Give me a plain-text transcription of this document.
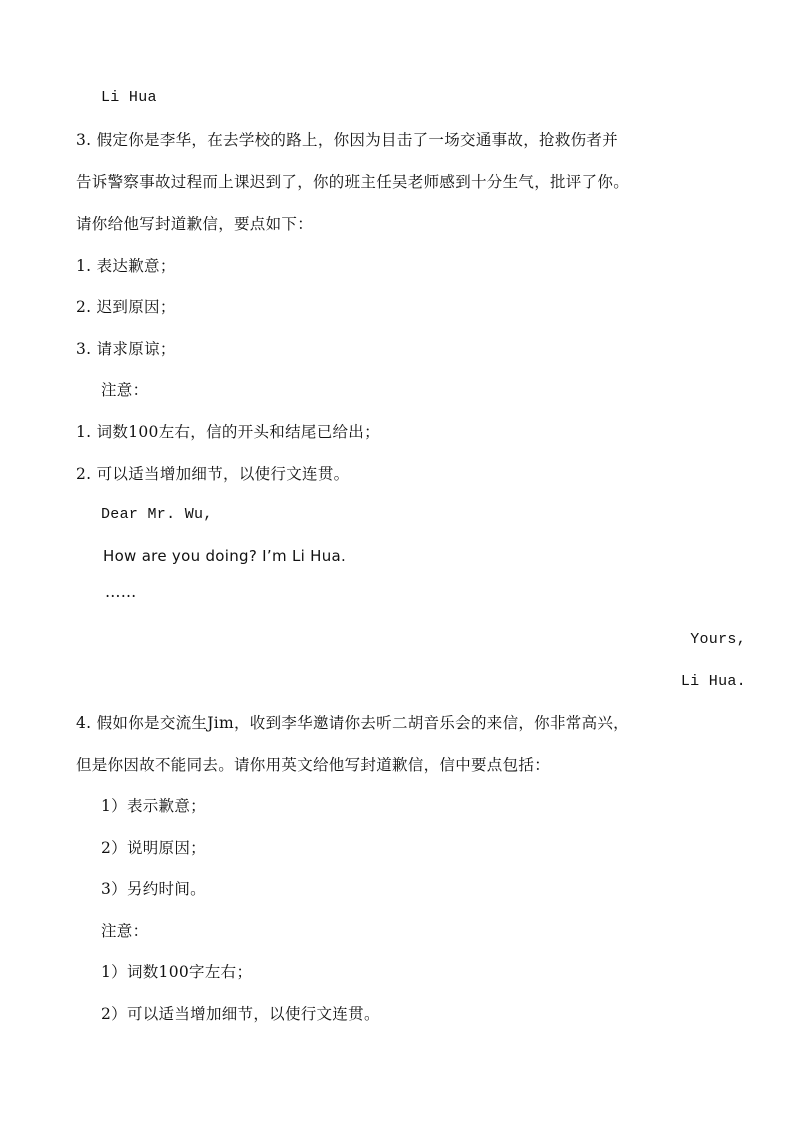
Li Hua
3. 假定你是李华，在去学校的路上，你因为目击了一场交通事故，抢救伤者并
告诉警察事故过程而上课迟到了，你的班主任吴老师感到十分生气，批评了你。
请你给他写封道歉信，要点如下：
1. 表达歉意；
2. 迟到原因；
3. 请求原谅；
注意：
1. 词数100左右，信的开头和结尾已给出；
2. 可以适当增加细节，以使行文连贯。
Dear Mr. Wu,
How are you doing? I’m Li Hua.
……
Yours,
Li Hua.
4. 假如你是交流生Jim，收到李华邀请你去听二胡音乐会的来信，你非常高兴，
但是你因故不能同去。请你用英文给他写封道歉信，信中要点包括：
1）表示歉意；
2）说明原因；
3）另约时间。
注意：
1）词数100字左右；
2）可以适当增加细节，以使行文连贯。
